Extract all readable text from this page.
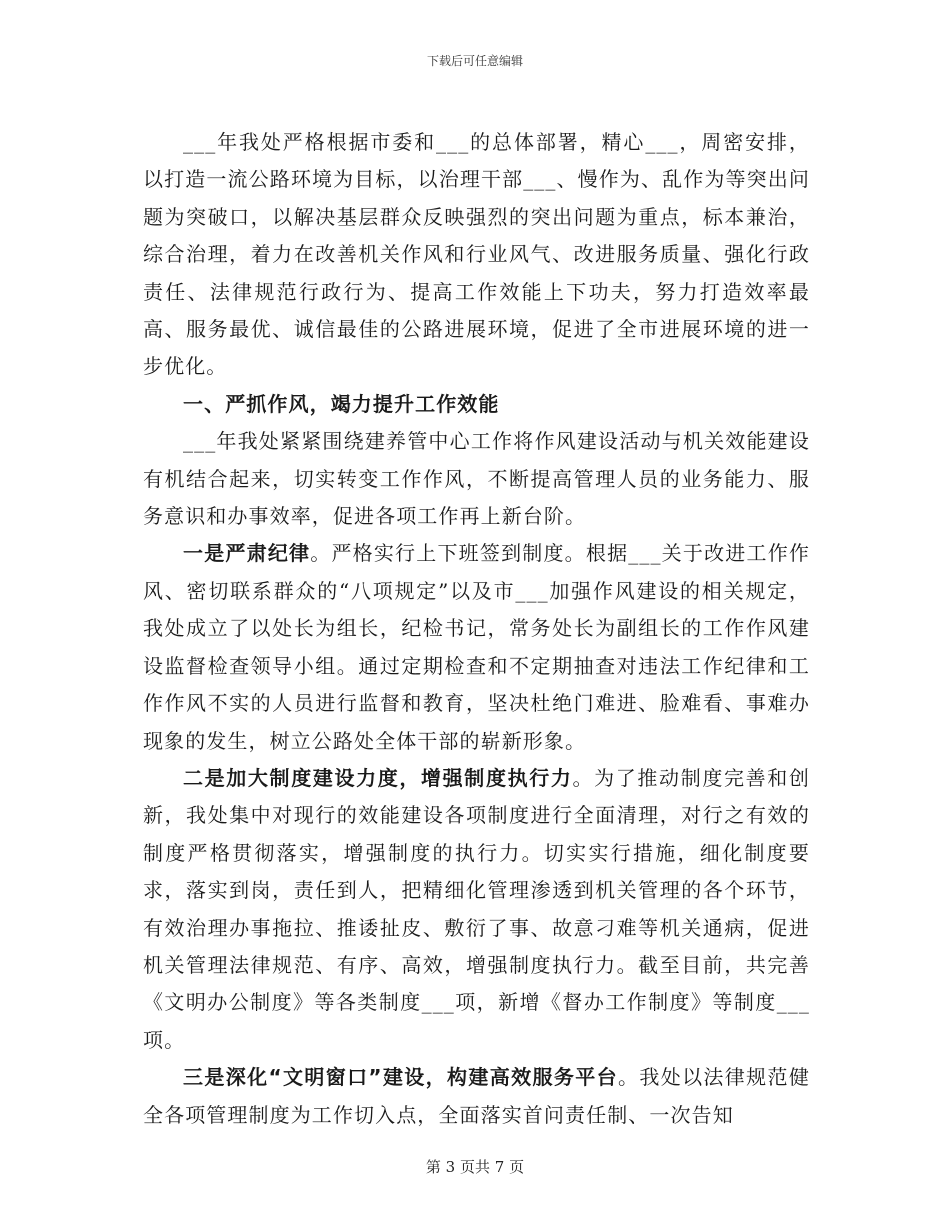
下载后可任意编辑

___年我处严格根据市委和___的总体部署，精心___，周密安排，以打造一流公路环境为目标，以治理干部___、慢作为、乱作为等突出问题为突破口，以解决基层群众反映强烈的突出问题为重点，标本兼治，综合治理，着力在改善机关作风和行业风气、改进服务质量、强化行政责任、法律规范行政行为、提高工作效能上下功夫，努力打造效率最高、服务最优、诚信最佳的公路进展环境，促进了全市进展环境的进一步优化。

一、严抓作风，竭力提升工作效能

___年我处紧紧围绕建养管中心工作将作风建设活动与机关效能建设有机结合起来，切实转变工作作风，不断提高管理人员的业务能力、服务意识和办事效率，促进各项工作再上新台阶。

一是严肃纪律。严格实行上下班签到制度。根据___关于改进工作作风、密切联系群众的“八项规定”以及市___加强作风建设的相关规定，我处成立了以处长为组长，纪检书记，常务处长为副组长的工作作风建设监督检查领导小组。通过定期检查和不定期抽查对违法工作纪律和工作作风不实的人员进行监督和教育，坚决杜绝门难进、脸难看、事难办现象的发生，树立公路处全体干部的崭新形象。

二是加大制度建设力度，增强制度执行力。为了推动制度完善和创新，我处集中对现行的效能建设各项制度进行全面清理，对行之有效的制度严格贯彻落实，增强制度的执行力。切实实行措施，细化制度要求，落实到岗，责任到人，把精细化管理渗透到机关管理的各个环节，有效治理办事拖拉、推诿扯皮、敷衍了事、故意刁难等机关通病，促进机关管理法律规范、有序、高效，增强制度执行力。截至目前，共完善《文明办公制度》等各类制度___项，新增《督办工作制度》等制度___项。

三是深化“文明窗口”建设，构建高效服务平台。我处以法律规范健全各项管理制度为工作切入点，全面落实首问责任制、一次告知

第 3 页共 7 页
